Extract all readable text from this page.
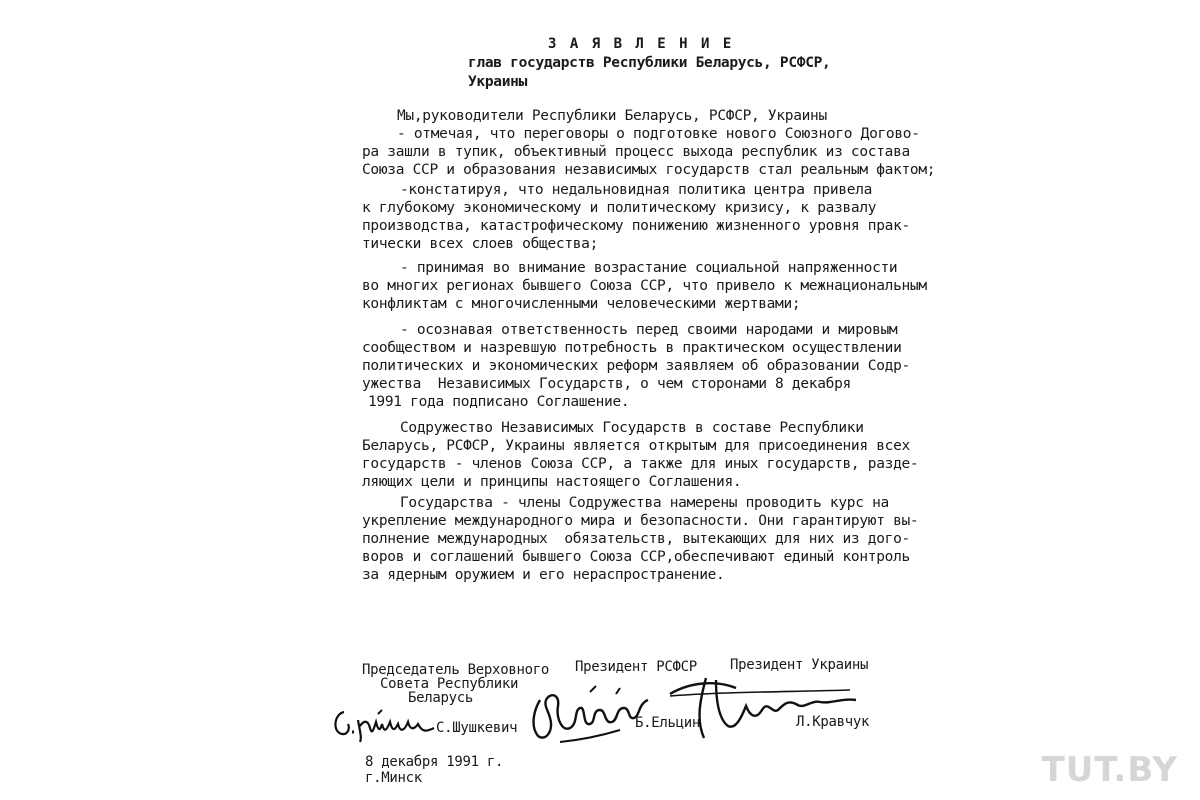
З А Я В Л Е Н И Е
глав государств Республики Беларусь, РСФСР,
Украины
Мы,руководители Республики Беларусь, РСФСР, Украины
- отмечая, что переговоры о подготовке нового Союзного Догово-
ра зашли в тупик, объективный процесс выхода республик из состава
Союза ССР и образования независимых государств стал реальным фактом;
-констатируя, что недальновидная политика центра привела
к глубокому экономическому и политическому кризису, к развалу
производства, катастрофическому понижению жизненного уровня прак-
тически всех слоев общества;
- принимая во внимание возрастание социальной напряженности
во многих регионах бывшего Союза ССР, что привело к межнациональным
конфликтам с многочисленными человеческими жертвами;
- осознавая ответственность перед своими народами и мировым
сообществом и назревшую потребность в практическом осуществлении
политических и экономических реформ заявляем об образовании Содр-
ужества  Независимых Государств, о чем сторонами 8 декабря
1991 года подписано Соглашение.
Содружество Независимых Государств в составе Республики
Беларусь, РСФСР, Украины является открытым для присоединения всех
государств - членов Союза ССР, а также для иных государств, разде-
ляющих цели и принципы настоящего Соглашения.
Государства - члены Содружества намерены проводить курс на
укрепление международного мира и безопасности. Они гарантируют вы-
полнение международных  обязательств, вытекающих для них из дого-
воров и соглашений бывшего Союза ССР,обеспечивают единый контроль
за ядерным оружием и его нераспространение.
Председатель Верховного
Совета Республики
Беларусь
Президент РСФСР Президент Украины
С.Шушкевич	Б.Ельцин	Л.Кравчук
8 декабря 1991 г.
г.Минск	TUT.BY
